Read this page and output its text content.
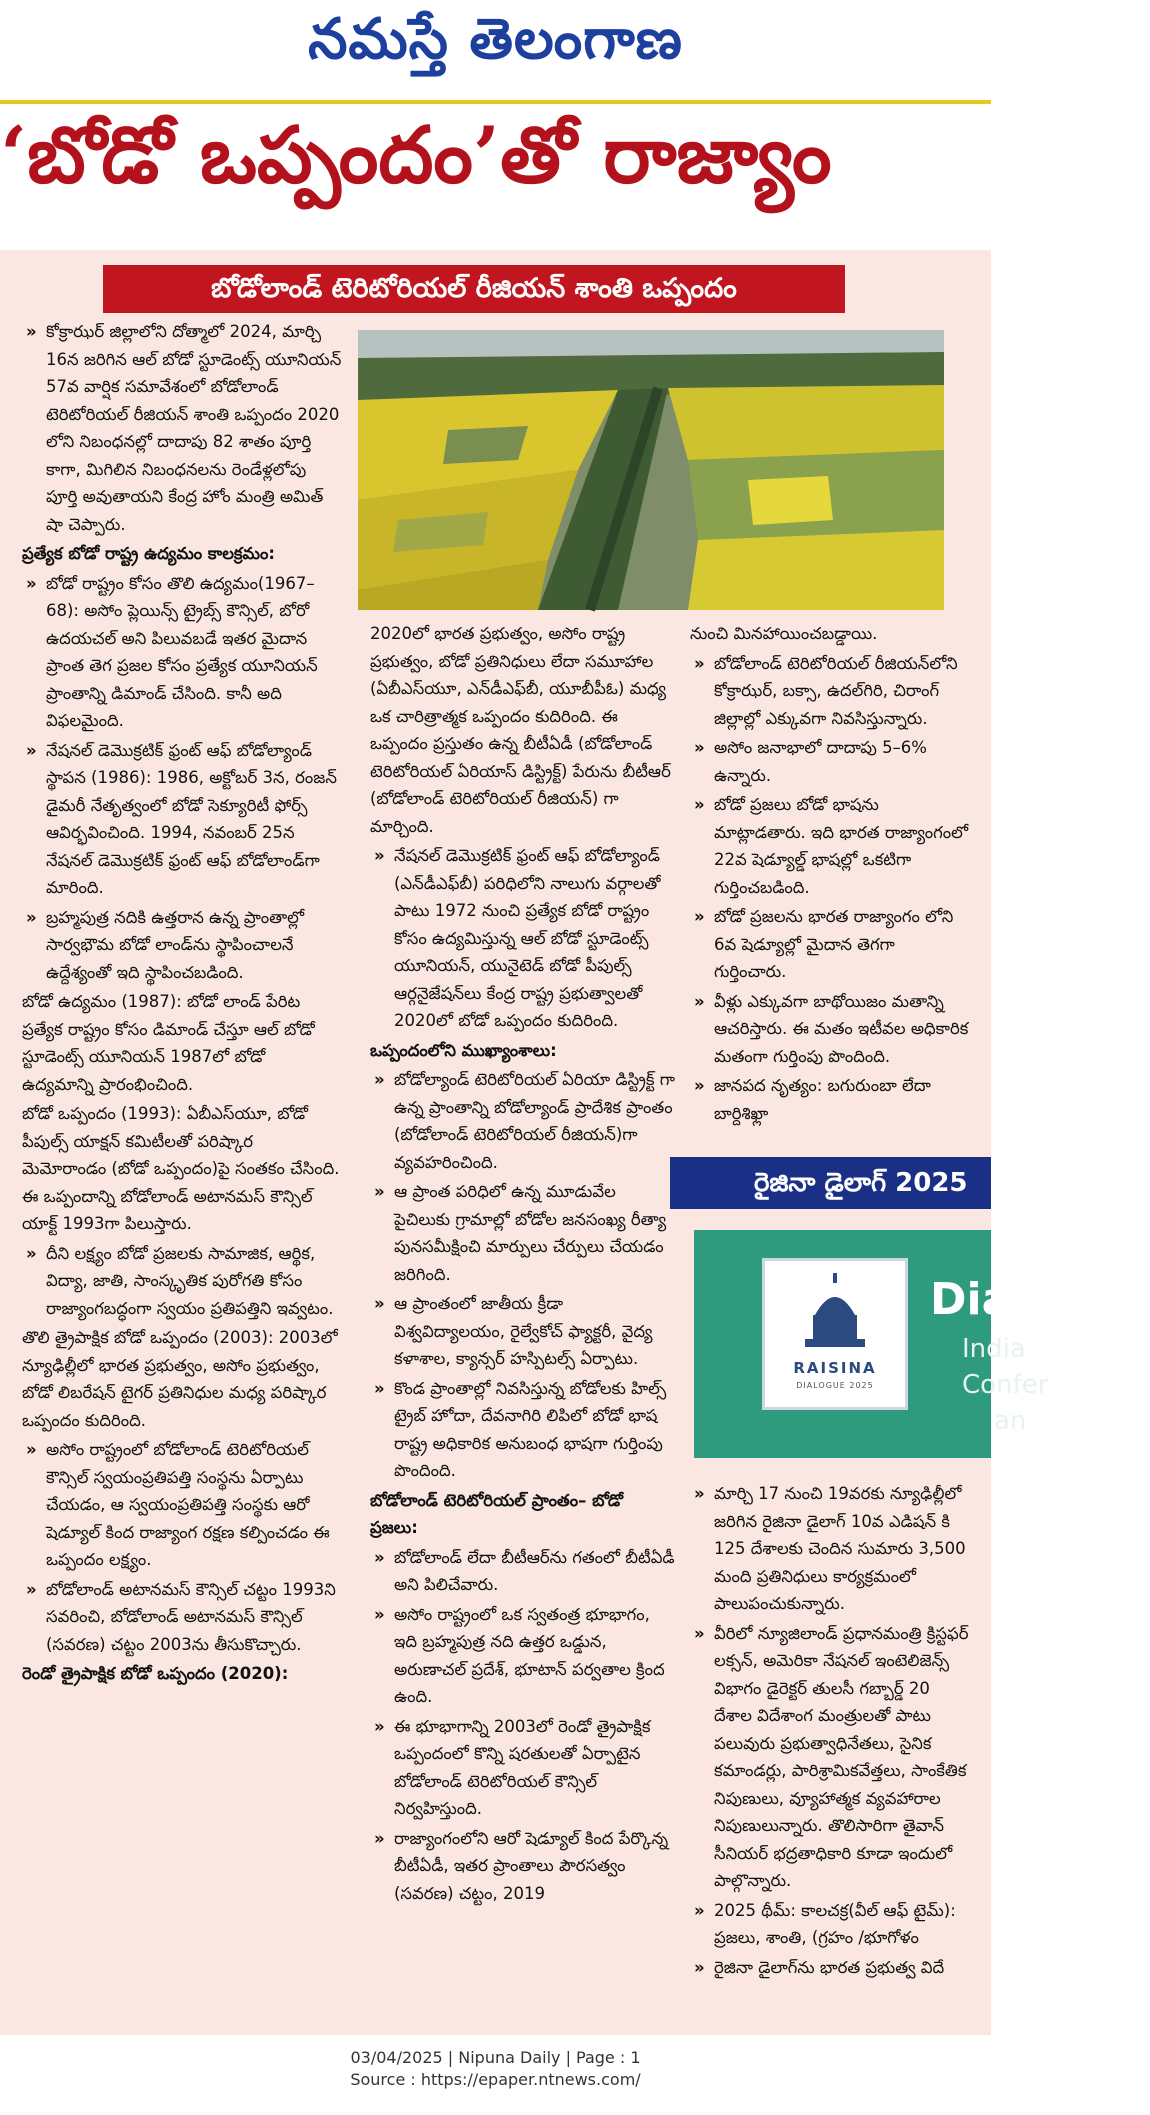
నమస్తే తెలంగాణ
‘బోడో ఒప్పందం’తో రాజ్యాం
బోడోలాండ్ టెరిటోరియల్ రీజియన్ శాంతి ఒప్పందం

» కోక్రాఝర్ జిల్లాలోని దోత్మాలో 2024, మార్చి 16న జరిగిన ఆల్ బోడో స్టూడెంట్స్ యూనియన్ 57వ వార్షిక సమావేశంలో బోడోలాండ్ టెరిటోరియల్ రీజియన్ శాంతి ఒప్పందం 2020 లోని నిబంధనల్లో దాదాపు 82 శాతం పూర్తి కాగా, మిగిలిన నిబంధనలను రెండేళ్లలోపు పూర్తి అవుతాయని కేంద్ర హోం మంత్రి అమిత్ షా చెప్పారు.

ప్రత్యేక బోడో రాష్ట్ర ఉద్యమం కాలక్రమం:

» బోడో రాష్ట్రం కోసం తొలి ఉద్యమం(1967–68): అసోం ప్లెయిన్స్ ట్రైబ్స్ కౌన్సిల్, బోరో ఉదయచల్ అని పిలువబడే ఇతర మైదాన ప్రాంత తెగ ప్రజల కోసం ప్రత్యేక యూనియన్ ప్రాంతాన్ని డిమాండ్ చేసింది. కానీ అది విఫలమైంది.

» నేషనల్ డెమొక్రటిక్ ఫ్రంట్ ఆఫ్ బోడోల్యాండ్ స్థాపన (1986): 1986, అక్టోబర్ 3న, రంజన్ డైమరీ నేతృత్వంలో బోడో సెక్యూరిటీ ఫోర్స్ ఆవిర్భవించింది. 1994, నవంబర్ 25న నేషనల్ డెమొక్రటిక్ ఫ్రంట్ ఆఫ్ బోడోలాండ్‌గా మారింది.

» బ్రహ్మపుత్ర నదికి ఉత్తరాన ఉన్న ప్రాంతాల్లో సార్వభౌమ బోడో లాండ్‌ను స్థాపించాలనే ఉద్దేశ్యంతో ఇది స్థాపించబడింది.

బోడో ఉద్యమం (1987): బోడో లాండ్ పేరిట ప్రత్యేక రాష్ట్రం కోసం డిమాండ్ చేస్తూ ఆల్ బోడో స్టూడెంట్స్ యూనియన్ 1987లో బోడో ఉద్యమాన్ని ప్రారంభించింది.

బోడో ఒప్పందం (1993): ఏబీఎస్‌యూ, బోడో పీపుల్స్ యాక్షన్ కమిటీలతో పరిష్కార మెమోరాండం (బోడో ఒప్పందం)పై సంతకం చేసింది. ఈ ఒప్పందాన్ని బోడోలాండ్ అటానమస్ కౌన్సిల్ యాక్ట్ 1993గా పిలుస్తారు.

» దీని లక్ష్యం బోడో ప్రజలకు సామాజిక, ఆర్థిక, విద్యా, జాతి, సాంస్కృతిక పురోగతి కోసం రాజ్యాంగబద్ధంగా స్వయం ప్రతిపత్తిని ఇవ్వటం.

తొలి త్రైపాక్షిక బోడో ఒప్పందం (2003): 2003లో న్యూఢిల్లీలో భారత ప్రభుత్వం, అసోం ప్రభుత్వం, బోడో లిబరేషన్ టైగర్ ప్రతినిధుల మధ్య పరిష్కార ఒప్పందం కుదిరింది.

» అసోం రాష్ట్రంలో బోడోలాండ్ టెరిటోరియల్ కౌన్సిల్ స్వయంప్రతిపత్తి సంస్థను ఏర్పాటు చేయడం, ఆ స్వయంప్రతిపత్తి సంస్థకు ఆరో షెడ్యూల్ కింద రాజ్యాంగ రక్షణ కల్పించడం ఈ ఒప్పందం లక్ష్యం.

» బోడోలాండ్ అటానమస్ కౌన్సిల్ చట్టం 1993ని సవరించి, బోడోలాండ్ అటానమస్ కౌన్సిల్ (సవరణ) చట్టం 2003ను తీసుకొచ్చారు.

రెండో త్రైపాక్షిక బోడో ఒప్పందం (2020):

2020లో భారత ప్రభుత్వం, అసోం రాష్ట్ర ప్రభుత్వం, బోడో ప్రతినిధులు లేదా సమూహాల (ఏబీఎస్‌యూ, ఎన్‌డీఎఫ్‌బీ, యూబీపీఓ) మధ్య ఒక చారిత్రాత్మక ఒప్పందం కుదిరింది. ఈ ఒప్పందం ప్రస్తుతం ఉన్న బీటీఏడీ (బోడోలాండ్ టెరిటోరియల్ ఏరియాస్ డిస్ట్రిక్ట్) పేరును బీటీఆర్ (బోడోలాండ్ టెరిటోరియల్ రీజియన్) గా మార్చింది.

» నేషనల్ డెమొక్రటిక్ ఫ్రంట్ ఆఫ్ బోడోల్యాండ్ (ఎన్‌డీఎఫ్‌బీ) పరిధిలోని నాలుగు వర్గాలతో పాటు 1972 నుంచి ప్రత్యేక బోడో రాష్ట్రం కోసం ఉద్యమిస్తున్న ఆల్ బోడో స్టూడెంట్స్ యూనియన్, యునైటెడ్ బోడో పీపుల్స్ ఆర్గనైజేషన్‌లు కేంద్ర రాష్ట్ర ప్రభుత్వాలతో 2020లో బోడో ఒప్పందం కుదిరింది.

ఒప్పందంలోని ముఖ్యాంశాలు:

» బోడోల్యాండ్ టెరిటోరియల్ ఏరియా డిస్ట్రిక్ట్ గా ఉన్న ప్రాంతాన్ని బోడోల్యాండ్ ప్రాదేశిక ప్రాంతం (బోడోలాండ్ టెరిటోరియల్ రీజియన్)గా వ్యవహరించింది.

» ఆ ప్రాంత పరిధిలో ఉన్న మూడువేల పైచిలుకు గ్రామాల్లో బోడోల జనసంఖ్య రీత్యా పునసమీక్షించి మార్పులు చేర్పులు చేయడం జరిగింది.

» ఆ ప్రాంతంలో జాతీయ క్రీడా విశ్వవిద్యాలయం, రైల్వేకోచ్ ఫ్యాక్టరీ, వైద్య కళాశాల, క్యాన్సర్ హస్పిటల్స్ ఏర్పాటు.

» కొండ ప్రాంతాల్లో నివసిస్తున్న బోడోలకు హిల్స్ ట్రైబ్ హోదా, దేవనాగిరి లిపిలో బోడో భాష రాష్ట్ర అధికారిక అనుబంధ భాషగా గుర్తింపు పొందింది.

బోడోలాండ్ టెరిటోరియల్ ప్రాంతం– బోడో ప్రజలు:

» బోడోలాండ్ లేదా బీటీఆర్‌ను గతంలో బీటీఏడీ అని పిలిచేవారు.

» అసోం రాష్ట్రంలో ఒక స్వతంత్ర భూభాగం, ఇది బ్రహ్మపుత్ర నది ఉత్తర ఒడ్డున, అరుణాచల్ ప్రదేశ్, భూటాన్ పర్వతాల క్రింద ఉంది.

» ఈ భూభాగాన్ని 2003లో రెండో త్రైపాక్షిక ఒప్పందంలో కొన్ని షరతులతో ఏర్పాటైన బోడోలాండ్ టెరిటోరియల్ కౌన్సిల్ నిర్వహిస్తుంది.

» రాజ్యాంగంలోని ఆరో షెడ్యూల్ కింద పేర్కొన్న బీటీఏడీ, ఇతర ప్రాంతాలు పౌరసత్వం (సవరణ) చట్టం, 2019

నుంచి మినహాయించబడ్డాయి.

» బోడోలాండ్ టెరిటోరియల్ రీజియన్‌లోని కోక్రాఝర్, బక్సా, ఉదల్‌గిరి, చిరాంగ్ జిల్లాల్లో ఎక్కువగా నివసిస్తున్నారు.

» అసోం జనాభాలో దాదాపు 5–6% ఉన్నారు.

» బోడో ప్రజలు బోడో భాషను మాట్లాడతారు. ఇది భారత రాజ్యాంగంలో 22వ షెడ్యూల్డ్ భాషల్లో ఒకటిగా గుర్తించబడింది.

» బోడో ప్రజలను భారత రాజ్యాంగం లోని 6వ షెడ్యూల్లో మైదాన తెగగా గుర్తించారు.

» వీళ్లు ఎక్కువగా బాథోయిజం మతాన్ని ఆచరిస్తారు. ఈ మతం ఇటీవల అధికారిక మతంగా గుర్తింపు పొందింది.

» జానపద నృత్యం: బగురుంబా లేదా బార్దిశిఖ్లా

రైజినా డైలాగ్ 2025
RAISINA
DIALOGUE 2025
Dia
India
Confer
an

» మార్చి 17 నుంచి 19వరకు న్యూఢిల్లీలో జరిగిన రైజినా డైలాగ్ 10వ ఎడిషన్ కి 125 దేశాలకు చెందిన సుమారు 3,500 మంది ప్రతినిధులు కార్యక్రమంలో పాలుపంచుకున్నారు.

» వీరిలో న్యూజిలాండ్ ప్రధానమంత్రి క్రిస్టఫర్ లక్సన్, అమెరికా నేషనల్ ఇంటెలిజెన్స్ విభాగం డైరెక్టర్ తులసీ గబ్బార్డ్ 20 దేశాల విదేశాంగ మంత్రులతో పాటు పలువురు ప్రభుత్వాధినేతలు, సైనిక కమాండర్లు, పారిశ్రామికవేత్తలు, సాంకేతిక నిపుణులు, వ్యూహాత్మక వ్యవహారాల నిపుణులున్నారు. తొలిసారిగా తైవాన్ సీనియర్ భద్రతాధికారి కూడా ఇందులో పాల్గొన్నారు.

» 2025 థీమ్: కాలచక్ర(వీల్ ఆఫ్ టైమ్): ప్రజలు, శాంతి, (గ్రహం /భూగోళం

» రైజినా డైలాగ్‌ను భారత ప్రభుత్వ విదే

03/04/2025 | Nipuna Daily | Page : 1
Source : https://epaper.ntnews.com/
